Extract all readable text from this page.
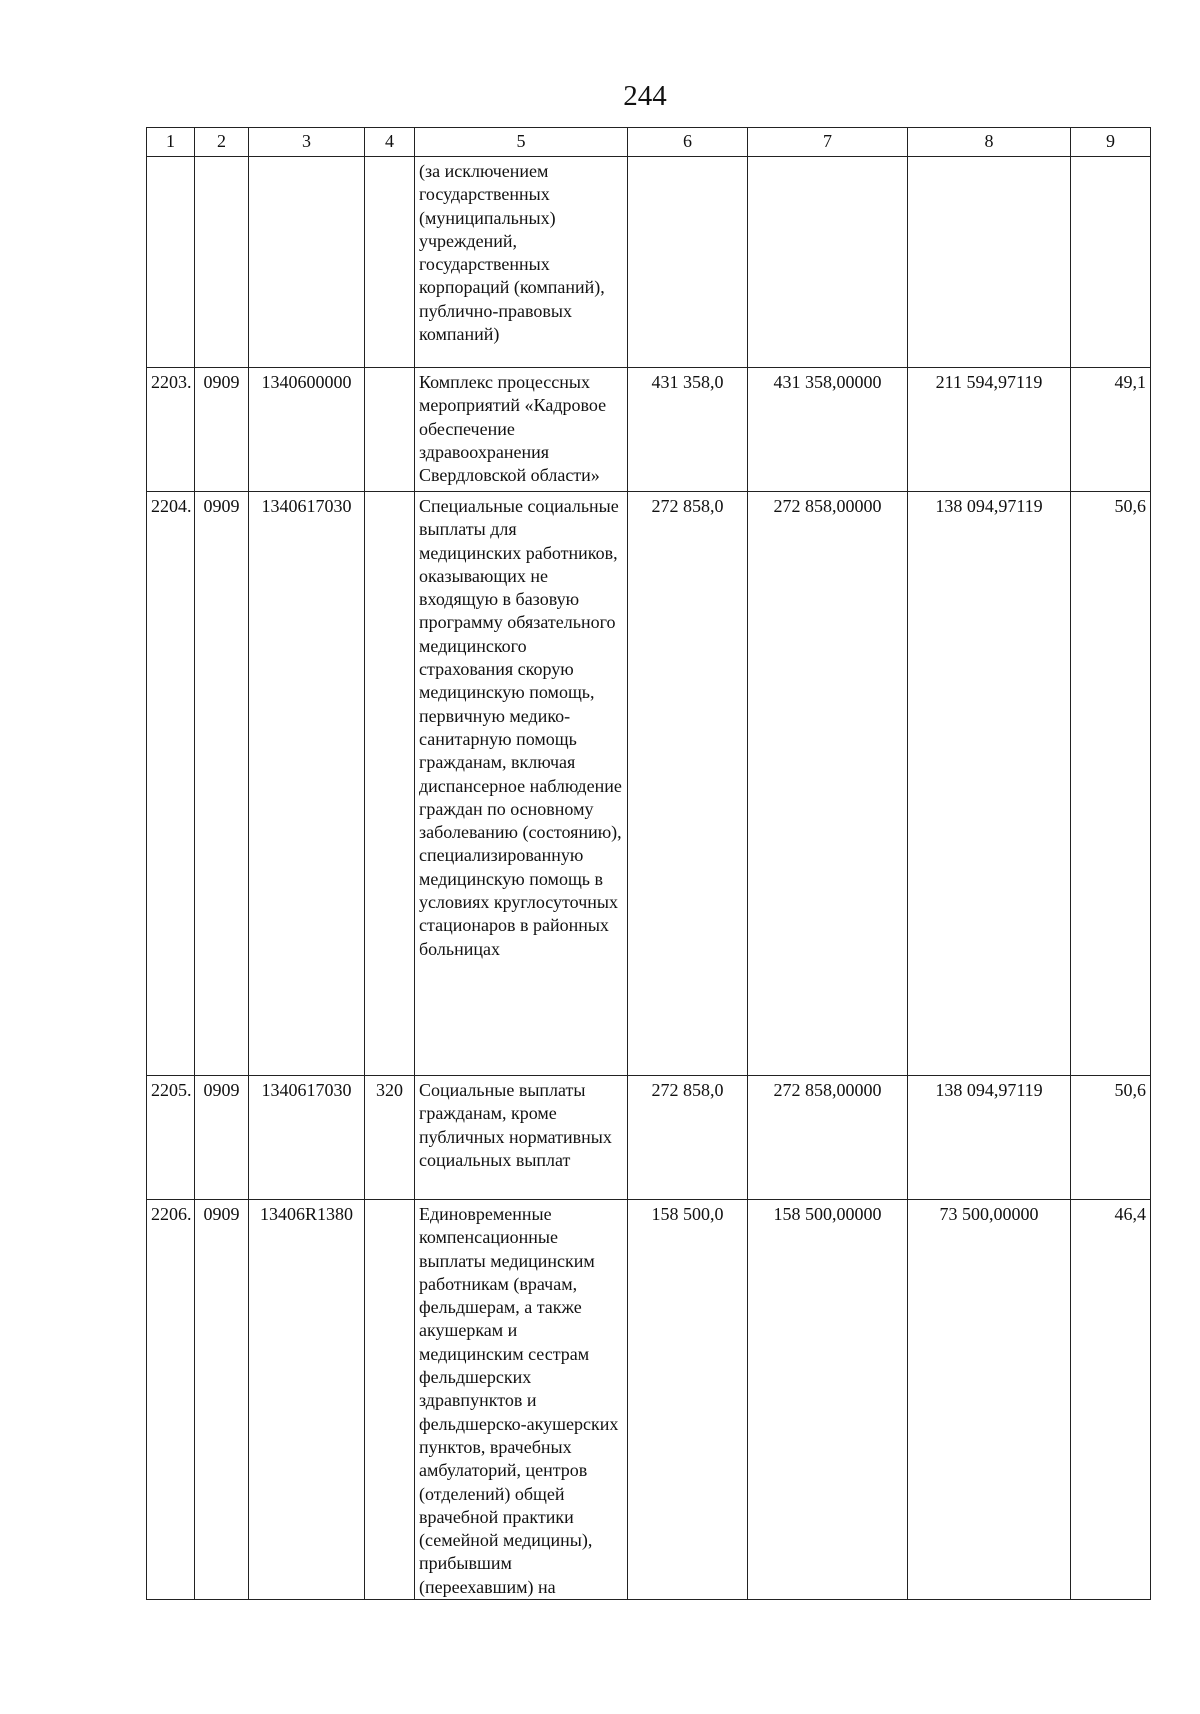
244
1	2	3	4	5	6	7	8	9
				(за исключением государственных (муниципальных) учреждений, государственных корпораций (компаний), публично-правовых компаний)				
2203.	0909	1340600000		Комплекс процессных мероприятий «Кадровое обеспечение здравоохранения Свердловской области»	431 358,0	431 358,00000	211 594,97119	49,1
2204.	0909	1340617030		Специальные социальные выплаты для медицинских работников, оказывающих не входящую в базовую программу обязательного медицинского страхования скорую медицинскую помощь, первичную медико-санитарную помощь гражданам, включая диспансерное наблюдение граждан по основному заболеванию (состоянию), специализированную медицинскую помощь в условиях круглосуточных стационаров в районных больницах	272 858,0	272 858,00000	138 094,97119	50,6
2205.	0909	1340617030	320	Социальные выплаты гражданам, кроме публичных нормативных социальных выплат	272 858,0	272 858,00000	138 094,97119	50,6
2206.	0909	13406R1380		Единовременные компенсационные выплаты медицинским работникам (врачам, фельдшерам, а также акушеркам и медицинским сестрам фельдшерских здравпунктов и фельдшерско-акушерских пунктов, врачебных амбулаторий, центров (отделений) общей врачебной практики (семейной медицины), прибывшим (переехавшим) на	158 500,0	158 500,00000	73 500,00000	46,4
